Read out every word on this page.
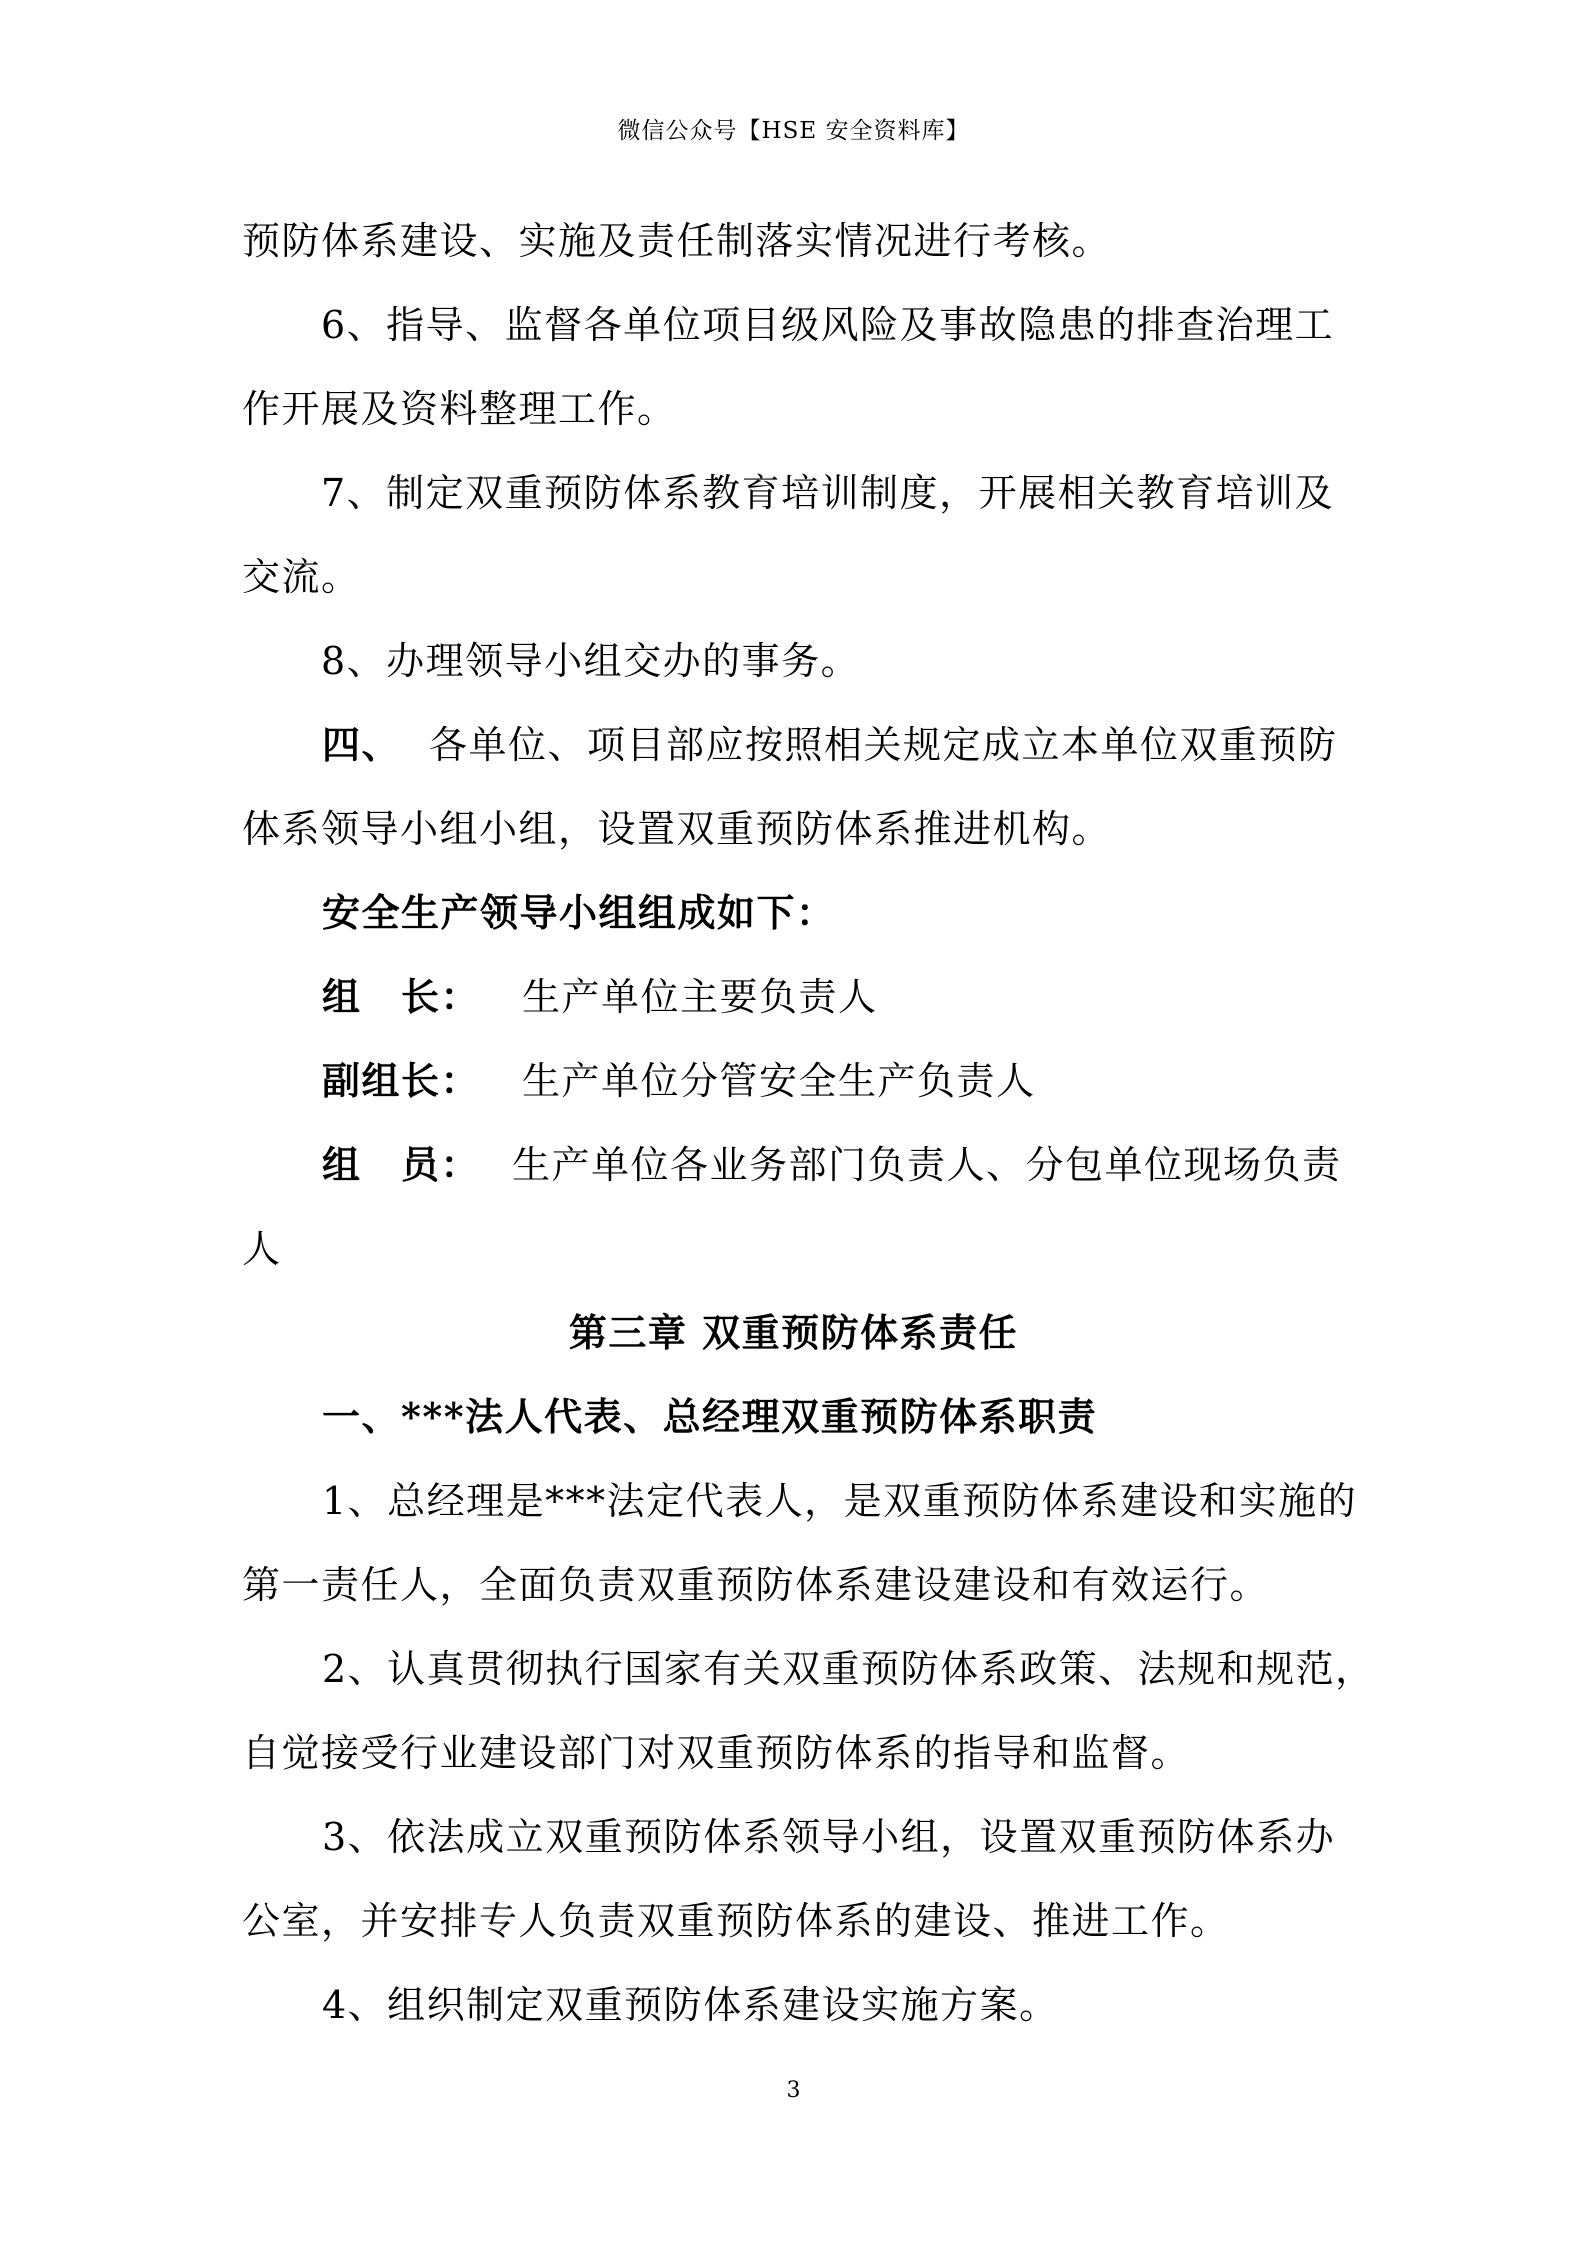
微信公众号【HSE 安全资料库】
预防体系建设、实施及责任制落实情况进行考核。
　　6、指导、监督各单位项目级风险及事故隐患的排查治理工
作开展及资料整理工作。
　　7、制定双重预防体系教育培训制度，开展相关教育培训及
交流。
　　8、办理领导小组交办的事务。
四、 各单位、项目部应按照相关规定成立本单位双重预防
体系领导小组小组，设置双重预防体系推进机构。
安全生产领导小组组成如下：
组　长： 生产单位主要负责人
副组长： 生产单位分管安全生产负责人
组　员： 生产单位各业务部门负责人、分包单位现场负责
人
第三章 双重预防体系责任
一、***法人代表、总经理双重预防体系职责
1、总经理是***法定代表人，是双重预防体系建设和实施的
第一责任人，全面负责双重预防体系建设建设和有效运行。
2、认真贯彻执行国家有关双重预防体系政策、法规和规范，
自觉接受行业建设部门对双重预防体系的指导和监督。
3、依法成立双重预防体系领导小组，设置双重预防体系办
公室，并安排专人负责双重预防体系的建设、推进工作。
4、组织制定双重预防体系建设实施方案。
3
